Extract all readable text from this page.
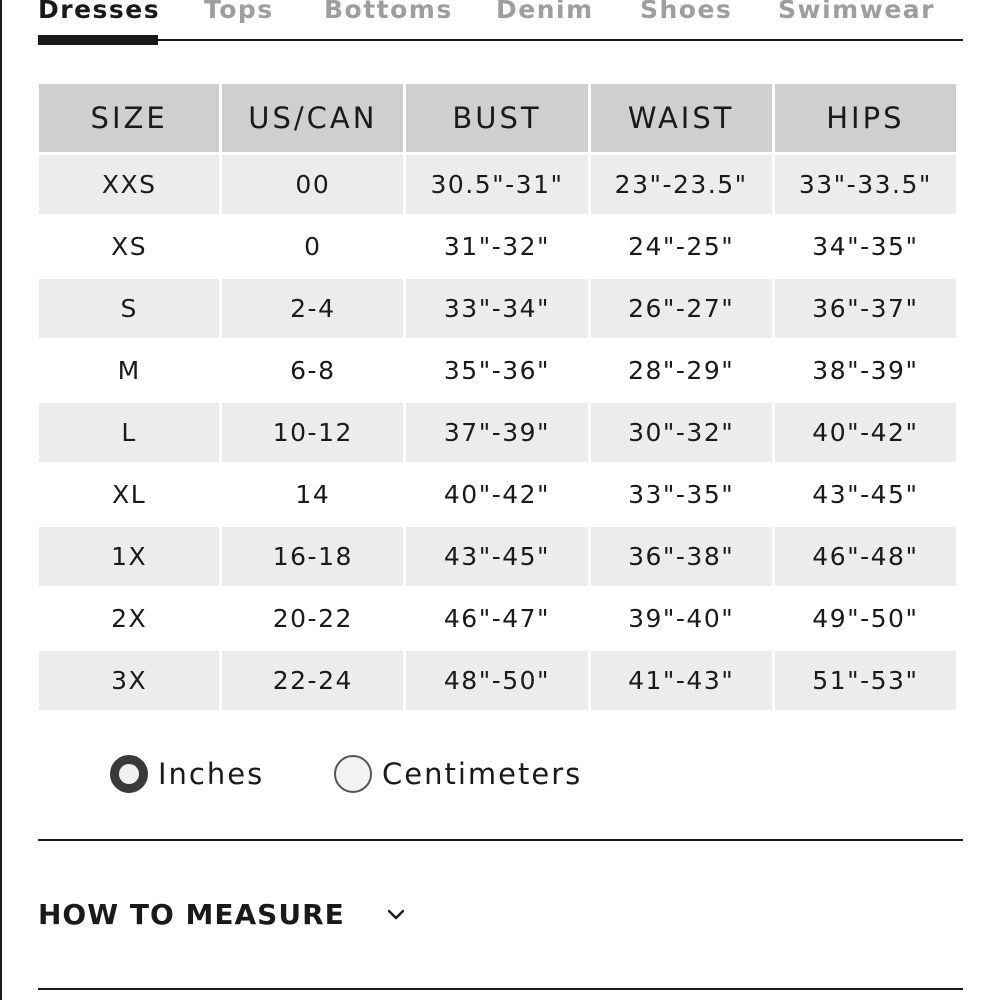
Dresses Tops Bottoms Denim Shoes Swimwear
SIZE	US/CAN	BUST	WAIST	HIPS
XXS	00	30.5"-31"	23"-23.5"	33"-33.5"
XS	0	31"-32"	24"-25"	34"-35"
S	2-4	33"-34"	26"-27"	36"-37"
M	6-8	35"-36"	28"-29"	38"-39"
L	10-12	37"-39"	30"-32"	40"-42"
XL	14	40"-42"	33"-35"	43"-45"
1X	16-18	43"-45"	36"-38"	46"-48"
2X	20-22	46"-47"	39"-40"	49"-50"
3X	22-24	48"-50"	41"-43"	51"-53"
Inches	Centimeters
HOW TO MEASURE
